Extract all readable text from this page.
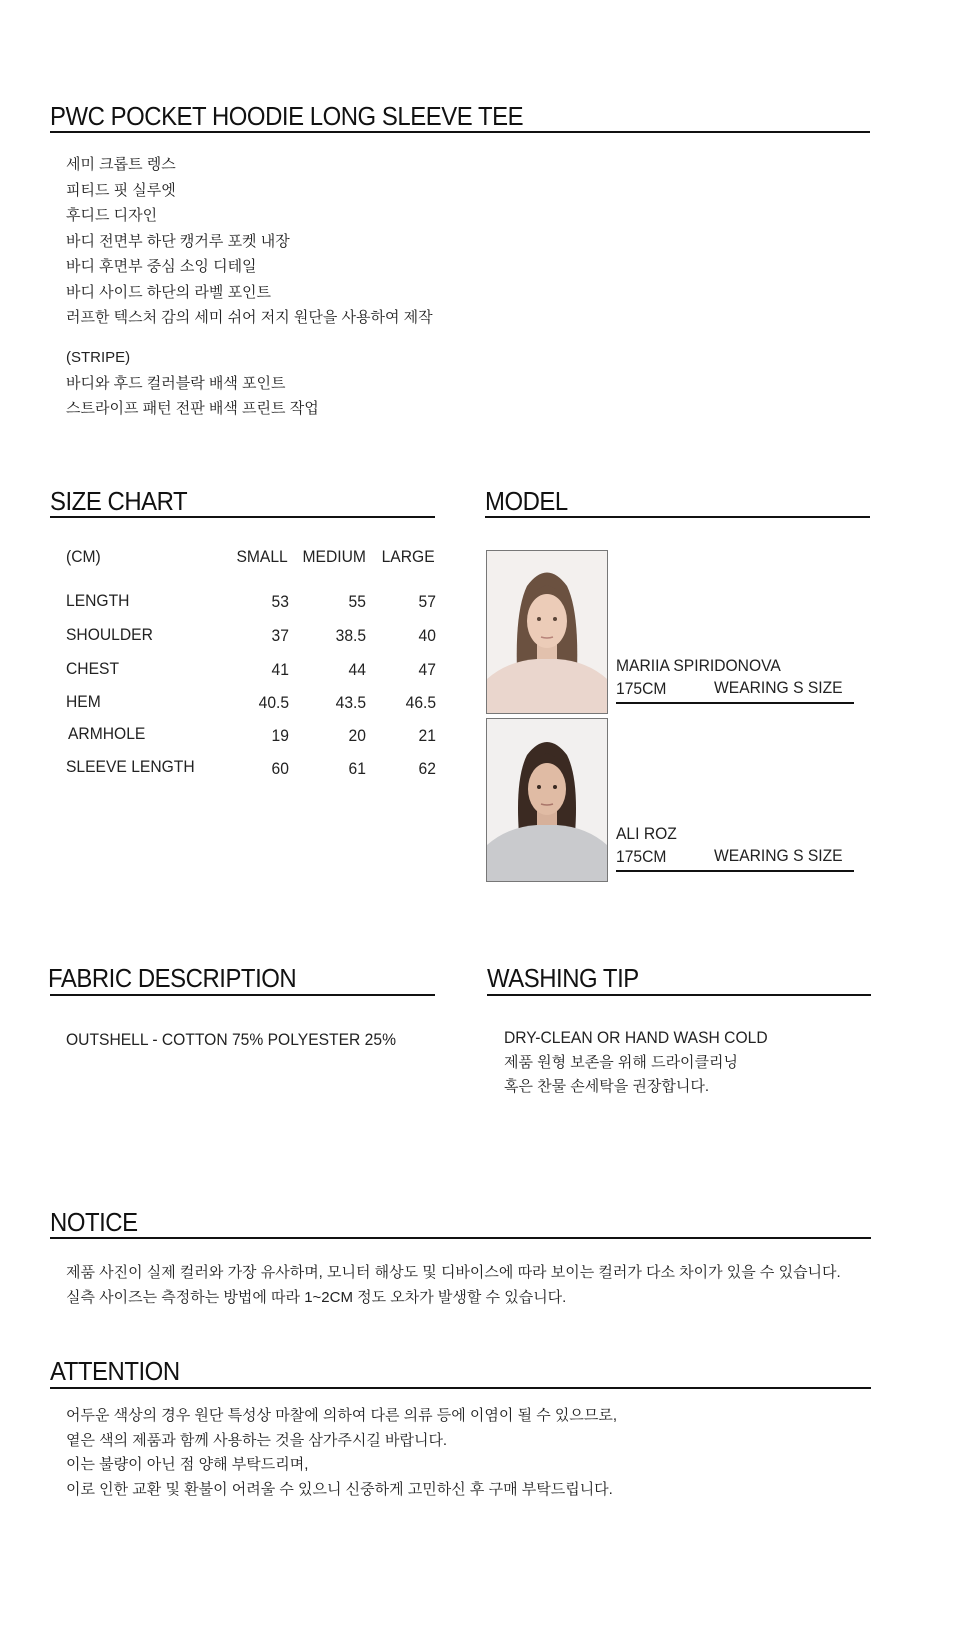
PWC POCKET HOODIE LONG SLEEVE TEE
세미 크롭트 렝스
피티드 핏 실루엣
후디드 디자인
바디 전면부 하단 캥거루 포켓 내장
바디 후면부 중심 소잉 디테일
바디 사이드 하단의 라벨 포인트
러프한 텍스처 감의 세미 쉬어 저지 원단을 사용하여 제작
(STRIPE)
바디와 후드 컬러블락 배색 포인트
스트라이프 패턴 전판 배색 프린트 작업
SIZE CHART
(CM)	SMALL MEDIUM LARGE
LENGTH	53	55	57
SHOULDER	37	38.5	40
CHEST	41	44	47
HEM	40.5	43.5 46.5
ARMHOLE	19	20	21
SLEEVE LENGTH	60	61	62
MODEL
MARIIA SPIRIDONOVA
175CM	WEARING S SIZE
ALI ROZ
175CM	WEARING S SIZE
FABRIC DESCRIPTION
OUTSHELL - COTTON 75% POLYESTER 25%
WASHING TIP
DRY-CLEAN OR HAND WASH COLD
제품 원형 보존을 위해 드라이클리닝
혹은 찬물 손세탁을 권장합니다.
NOTICE
제품 사진이 실제 컬러와 가장 유사하며, 모니터 해상도 및 디바이스에 따라 보이는 컬러가 다소 차이가 있을 수 있습니다.
실측 사이즈는 측정하는 방법에 따라 1~2CM 정도 오차가 발생할 수 있습니다.
ATTENTION
어두운 색상의 경우 원단 특성상 마찰에 의하여 다른 의류 등에 이염이 될 수 있으므로,
옅은 색의 제품과 함께 사용하는 것을 삼가주시길 바랍니다.
이는 불량이 아닌 점 양해 부탁드리며,
이로 인한 교환 및 환불이 어려울 수 있으니 신중하게 고민하신 후 구매 부탁드립니다.
